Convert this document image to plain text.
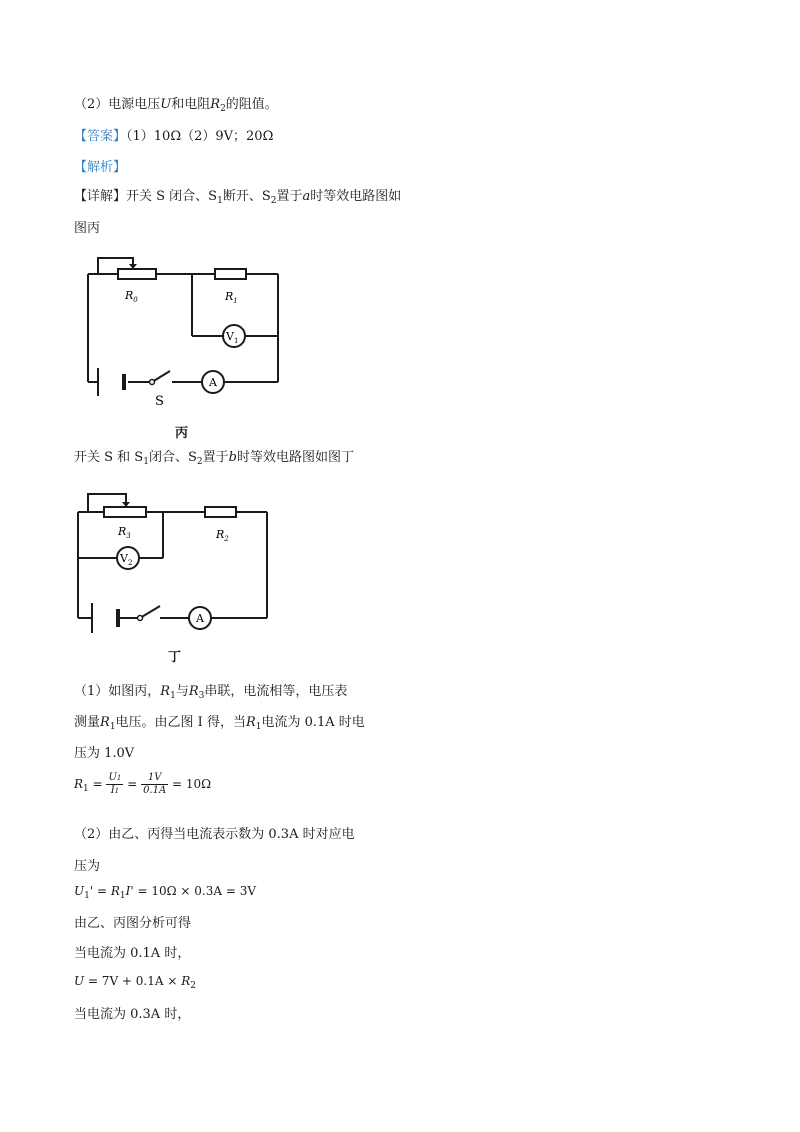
（2）电源电压U和电阻$R_2$的阻值。
【答案】（1）10Ω（2）9V；20Ω
【解析】
【详解】开关 S 闭合、$S_1$断开、$S_2$置于a时等效电路图如
图丙
$R_0$	$R_1$
$V_1$
A
S
丙
开关 S 和 $S_1$闭合、$S_2$置于b时等效电路图如图丁
$R_3$	$R_2$
$V_2$
A
丁
（1）如图丙，$R_1$与$R_3$串联，电流相等，电压表
测量$R_1$电压。由乙图 Ⅰ 得，当$R_1$电流为 0.1A 时电
压为 1.0V
$R_1 = \frac{U1}{I1} = \frac{1V}{0.1A} = 10\Omega$
（2）由乙、丙得当电流表示数为 0.3A 时对应电
压为
$U_1' = R_1I' = 10\Omega \times 0.3A = 3V$
由乙、丙图分析可得
当电流为 0.1A 时，
$U = 7V + 0.1A \times R_2$
当电流为 0.3A 时，
